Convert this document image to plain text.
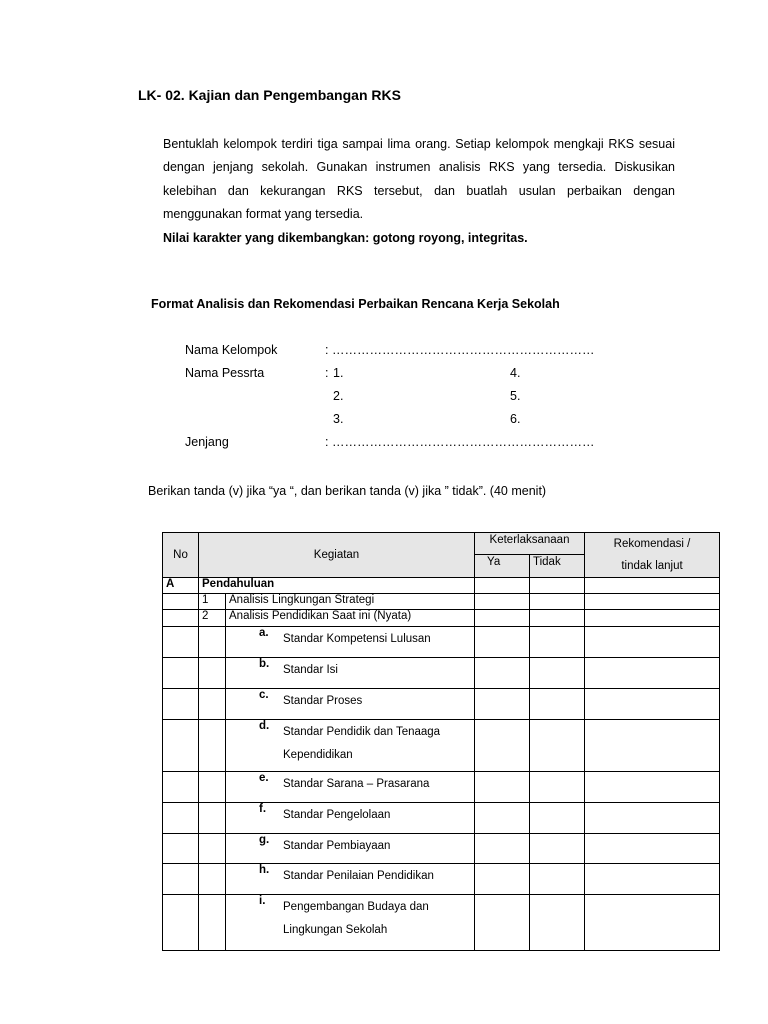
LK- 02. Kajian dan Pengembangan RKS

Bentuklah kelompok terdiri tiga sampai lima orang. Setiap kelompok mengkaji RKS sesuai dengan jenjang sekolah. Gunakan instrumen analisis RKS yang tersedia. Diskusikan kelebihan dan kekurangan RKS tersebut, dan buatlah usulan perbaikan dengan menggunakan format yang tersedia.

Nilai karakter yang dikembangkan: gotong royong, integritas.

Format Analisis dan Rekomendasi Perbaikan Rencana Kerja Sekolah
Nama Kelompok	: ………………………………………………………
Nama Pessrta	: 1.
2.
3.
4.
5.
6.
Jenjang	: ………………………………………………………
Berikan tanda (v) jika “ya “, dan berikan tanda (v) jika ” tidak”. (40 menit)
No	Kegiatan		Keterlaksanaan		Rekomendasi /
tindak lanjut
			Ya	Tidak	
A	Pendahuluan				
	1	Analisis Lingkungan Strategi			
	2	Analisis Pendidikan Saat ini (Nyata)			

		a. Standar Kompetensi Lulusan			

		b. Standar Isi			

		c. Standar Proses			

		d. Standar Pendidik dan Tenaaga Kependidikan			

		e. Standar Sarana – Prasarana			

		f. Standar Pengelolaan			

		g. Standar Pembiayaan			

		h. Standar Penilaian Pendidikan			

		i. Pengembangan Budaya dan Lingkungan Sekolah			
